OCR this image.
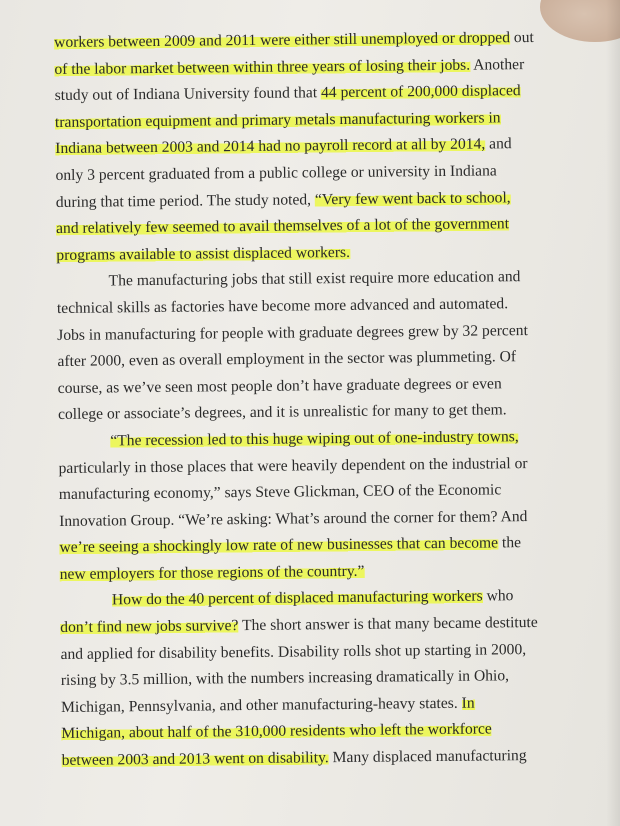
workers between 2009 and 2011 were either still unemployed or dropped out
of the labor market between within three years of losing their jobs. Another
study out of Indiana University found that 44 percent of 200,000 displaced
transportation equipment and primary metals manufacturing workers in
Indiana between 2003 and 2014 had no payroll record at all by 2014, and
only 3 percent graduated from a public college or university in Indiana
during that time period. The study noted, “Very few went back to school,
and relatively few seemed to avail themselves of a lot of the government
programs available to assist displaced workers.
The manufacturing jobs that still exist require more education and
technical skills as factories have become more advanced and automated.
Jobs in manufacturing for people with graduate degrees grew by 32 percent
after 2000, even as overall employment in the sector was plummeting. Of
course, as we’ve seen most people don’t have graduate degrees or even
college or associate’s degrees, and it is unrealistic for many to get them.
“The recession led to this huge wiping out of one-industry towns,
particularly in those places that were heavily dependent on the industrial or
manufacturing economy,” says Steve Glickman, CEO of the Economic
Innovation Group. “We’re asking: What’s around the corner for them? And
we’re seeing a shockingly low rate of new businesses that can become the
new employers for those regions of the country.”
How do the 40 percent of displaced manufacturing workers who
don’t find new jobs survive? The short answer is that many became destitute
and applied for disability benefits. Disability rolls shot up starting in 2000,
rising by 3.5 million, with the numbers increasing dramatically in Ohio,
Michigan, Pennsylvania, and other manufacturing-heavy states. In
Michigan, about half of the 310,000 residents who left the workforce
between 2003 and 2013 went on disability. Many displaced manufacturing
